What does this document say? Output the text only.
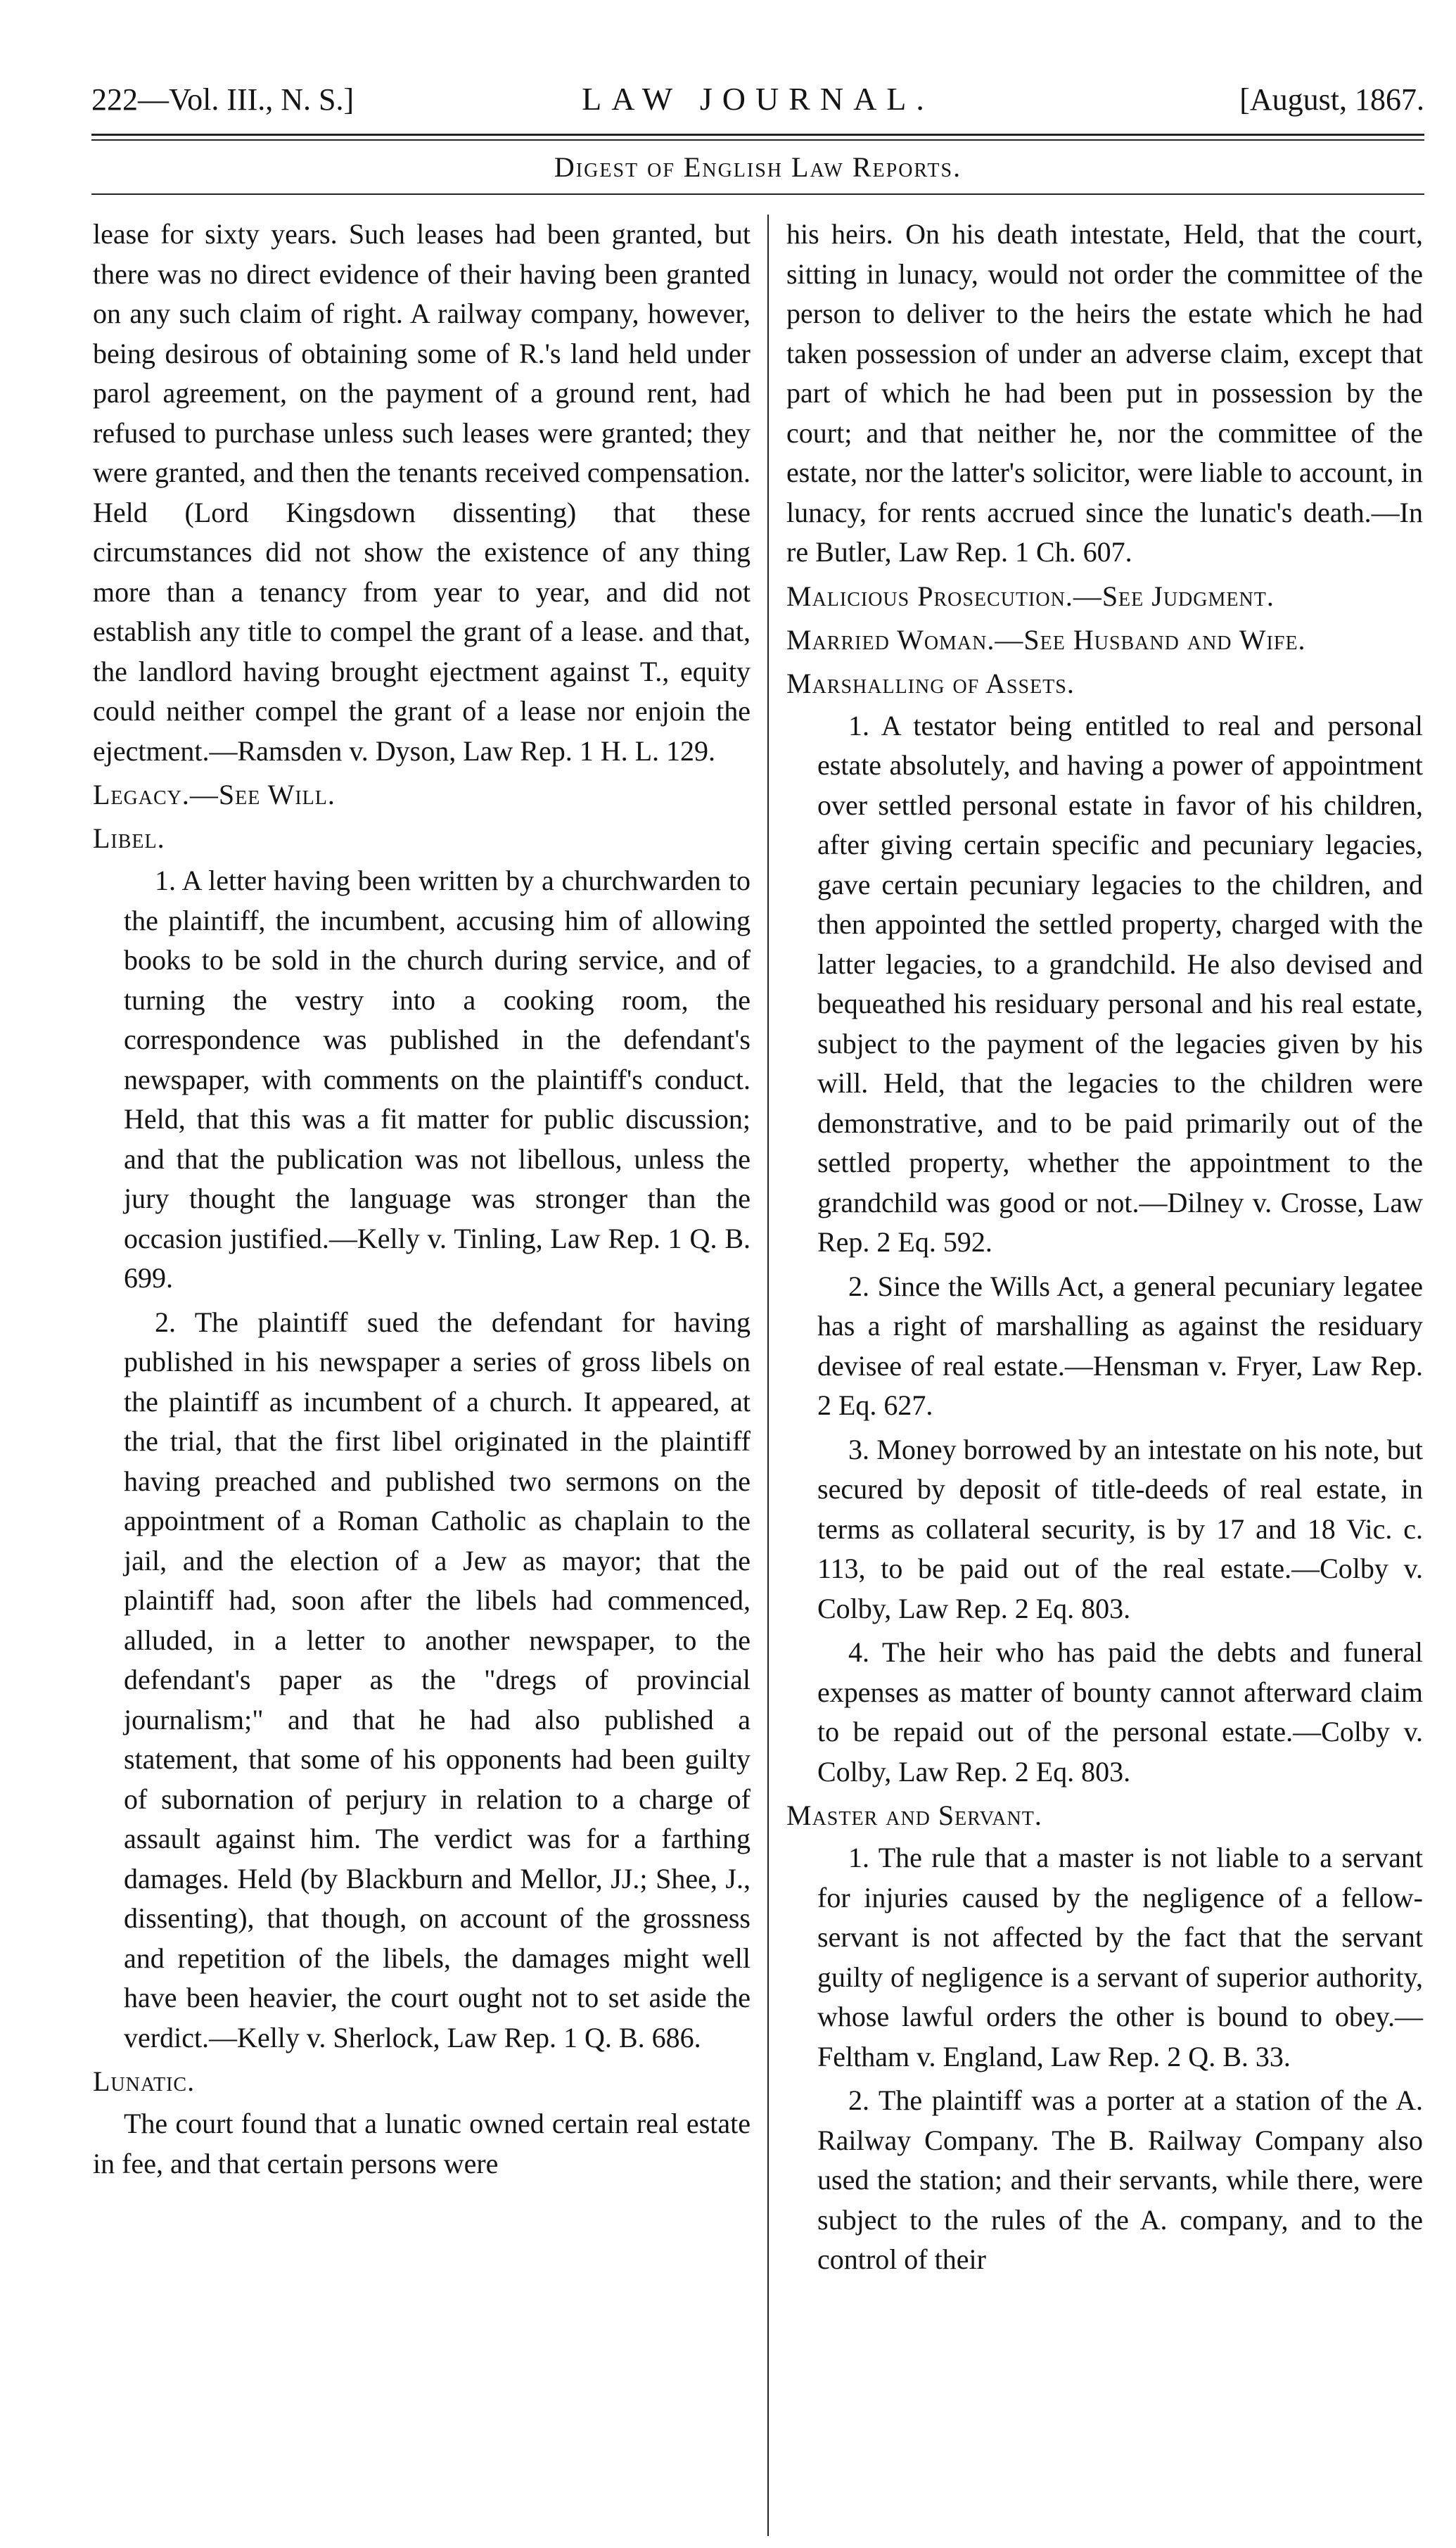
LAW JOURNAL.
222—Vol. III., N. S.]	[August, 1867.
Digest of English Law Reports.

lease for sixty years. Such leases had been granted, but there was no direct evidence of their having been granted on any such claim of right. A railway company, however, being desirous of obtaining some of R.'s land held under parol agreement, on the payment of a ground rent, had refused to purchase unless such leases were granted; they were granted, and then the tenants received compensation. Held (Lord Kingsdown dissenting) that these circumstances did not show the existence of any thing more than a tenancy from year to year, and did not establish any title to compel the grant of a lease. and that, the landlord having brought ejectment against T., equity could neither compel the grant of a lease nor enjoin the ejectment.—Ramsden v. Dyson, Law Rep. 1 H. L. 129.

Legacy.—See Will.

Libel.

1. A letter having been written by a churchwarden to the plaintiff, the incumbent, accusing him of allowing books to be sold in the church during service, and of turning the vestry into a cooking room, the correspondence was published in the defendant's newspaper, with comments on the plaintiff's conduct. Held, that this was a fit matter for public discussion; and that the publication was not libellous, unless the jury thought the language was stronger than the occasion justified.—Kelly v. Tinling, Law Rep. 1 Q. B. 699.

2. The plaintiff sued the defendant for having published in his newspaper a series of gross libels on the plaintiff as incumbent of a church. It appeared, at the trial, that the first libel originated in the plaintiff having preached and published two sermons on the appointment of a Roman Catholic as chaplain to the jail, and the election of a Jew as mayor; that the plaintiff had, soon after the libels had commenced, alluded, in a letter to another newspaper, to the defendant's paper as the "dregs of provincial journalism;" and that he had also published a statement, that some of his opponents had been guilty of subornation of perjury in relation to a charge of assault against him. The verdict was for a farthing damages. Held (by Blackburn and Mellor, JJ.; Shee, J., dissenting), that though, on account of the grossness and repetition of the libels, the damages might well have been heavier, the court ought not to set aside the verdict.—Kelly v. Sherlock, Law Rep. 1 Q. B. 686.

Lunatic.

The court found that a lunatic owned certain real estate in fee, and that certain persons were

his heirs. On his death intestate, Held, that the court, sitting in lunacy, would not order the committee of the person to deliver to the heirs the estate which he had taken possession of under an adverse claim, except that part of which he had been put in possession by the court; and that neither he, nor the committee of the estate, nor the latter's solicitor, were liable to account, in lunacy, for rents accrued since the lunatic's death.—In re Butler, Law Rep. 1 Ch. 607.

Malicious Prosecution.—See Judgment.

Married Woman.—See Husband and Wife.

Marshalling of Assets.

1. A testator being entitled to real and personal estate absolutely, and having a power of appointment over settled personal estate in favor of his children, after giving certain specific and pecuniary legacies, gave certain pecuniary legacies to the children, and then appointed the settled property, charged with the latter legacies, to a grandchild. He also devised and bequeathed his residuary personal and his real estate, subject to the payment of the legacies given by his will. Held, that the legacies to the children were demonstrative, and to be paid primarily out of the settled property, whether the appointment to the grandchild was good or not.—Dilney v. Crosse, Law Rep. 2 Eq. 592.

2. Since the Wills Act, a general pecuniary legatee has a right of marshalling as against the residuary devisee of real estate.—Hensman v. Fryer, Law Rep. 2 Eq. 627.

3. Money borrowed by an intestate on his note, but secured by deposit of title-deeds of real estate, in terms as collateral security, is by 17 and 18 Vic. c. 113, to be paid out of the real estate.—Colby v. Colby, Law Rep. 2 Eq. 803.

4. The heir who has paid the debts and funeral expenses as matter of bounty cannot afterward claim to be repaid out of the personal estate.—Colby v. Colby, Law Rep. 2 Eq. 803.

Master and Servant.

1. The rule that a master is not liable to a servant for injuries caused by the negligence of a fellow-servant is not affected by the fact that the servant guilty of negligence is a servant of superior authority, whose lawful orders the other is bound to obey.—Feltham v. England, Law Rep. 2 Q. B. 33.

2. The plaintiff was a porter at a station of the A. Railway Company. The B. Railway Company also used the station; and their servants, while there, were subject to the rules of the A. company, and to the control of their
